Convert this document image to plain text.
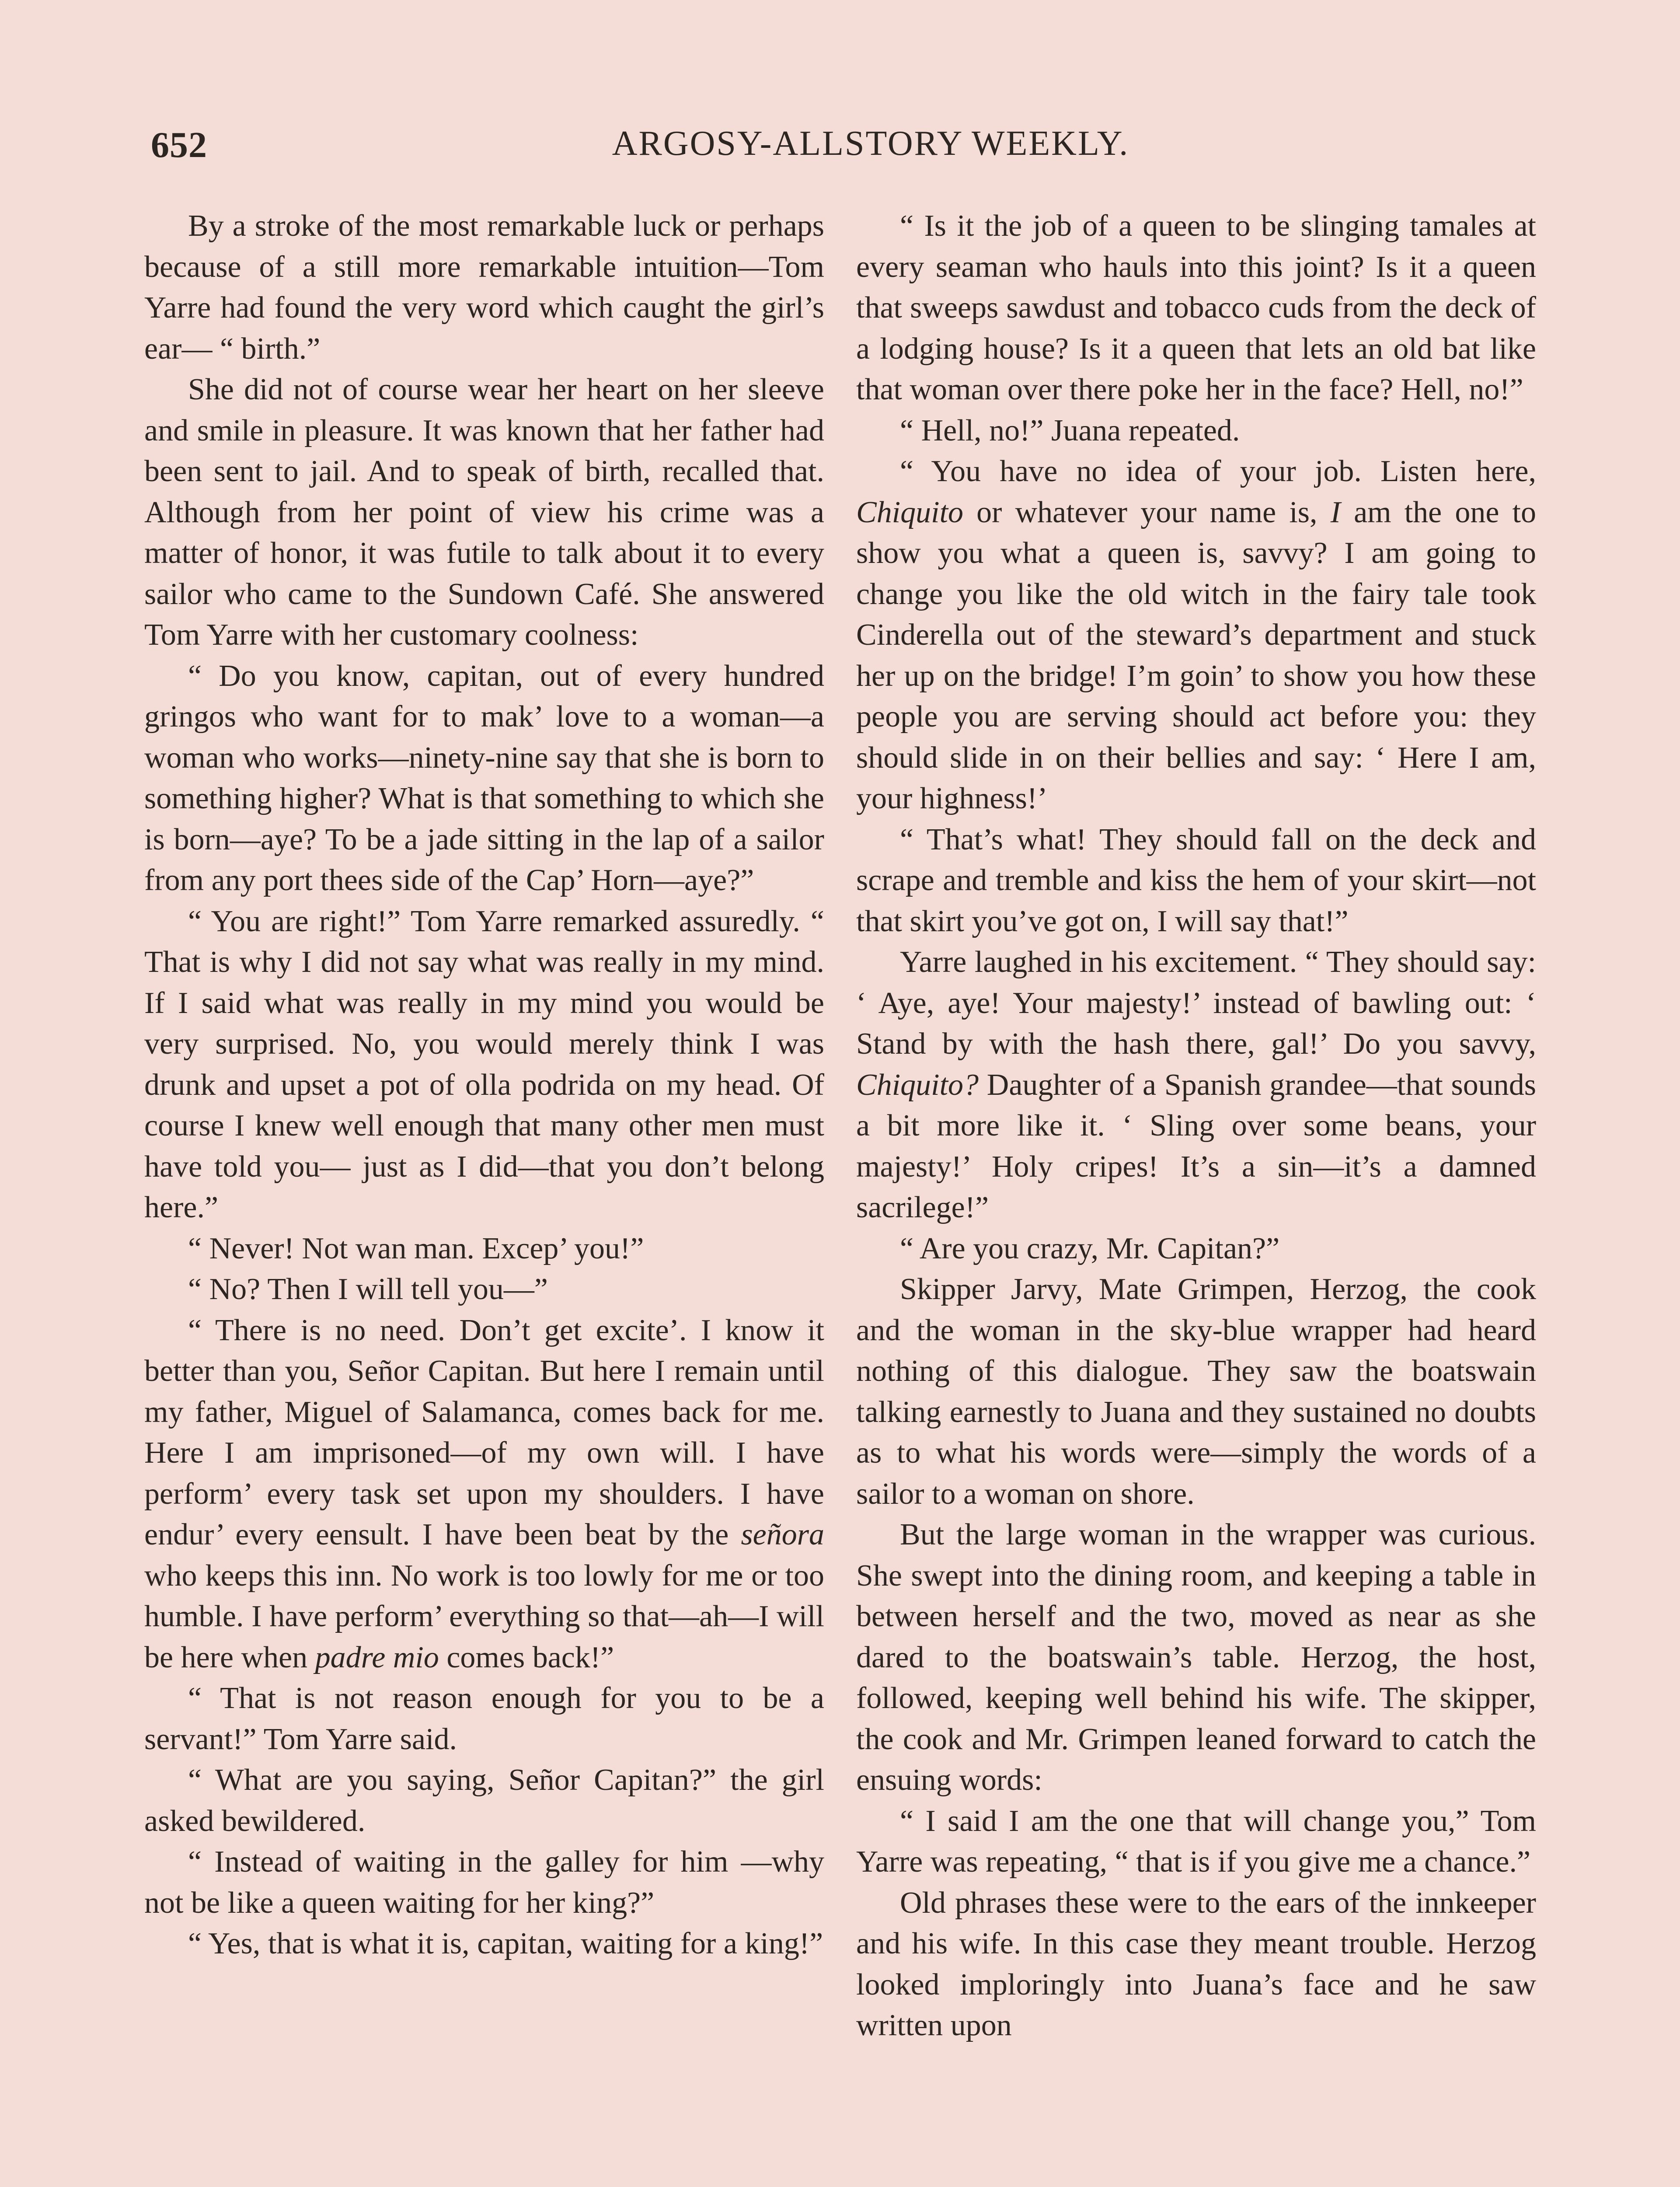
652	ARGOSY-ALLSTORY WEEKLY.

By a stroke of the most remarkable luck or perhaps because of a still more remarkable intuition—Tom Yarre had found the very word which caught the girl’s ear— “ birth.”

She did not of course wear her heart on her sleeve and smile in pleasure. It was known that her father had been sent to jail. And to speak of birth, recalled that. Although from her point of view his crime was a matter of honor, it was futile to talk about it to every sailor who came to the Sundown Café. She answered Tom Yarre with her customary coolness:

“ Do you know, capitan, out of every hundred gringos who want for to mak’ love to a woman—a woman who works—ninety-nine say that she is born to something higher? What is that something to which she is born—aye? To be a jade sitting in the lap of a sailor from any port thees side of the Cap’ Horn—aye?”

“ You are right!” Tom Yarre remarked assuredly. “ That is why I did not say what was really in my mind. If I said what was really in my mind you would be very surprised. No, you would merely think I was drunk and upset a pot of olla podrida on my head. Of course I knew well enough that many other men must have told you— just as I did—that you don’t belong here.”

“ Never! Not wan man. Excep’ you!”

“ No? Then I will tell you—”

“ There is no need. Don’t get excite’. I know it better than you, Señor Capitan. But here I remain until my father, Miguel of Salamanca, comes back for me. Here I am imprisoned—of my own will. I have perform’ every task set upon my shoulders. I have endur’ every eensult. I have been beat by the señora who keeps this inn. No work is too lowly for me or too humble. I have perform’ everything so that—ah—I will be here when padre mio comes back!”

“ That is not reason enough for you to be a servant!” Tom Yarre said.

“ What are you saying, Señor Capitan?” the girl asked bewildered.

“ Instead of waiting in the galley for him —why not be like a queen waiting for her king?”

“ Yes, that is what it is, capitan, waiting for a king!”

“ Is it the job of a queen to be slinging tamales at every seaman who hauls into this joint? Is it a queen that sweeps sawdust and tobacco cuds from the deck of a lodging house? Is it a queen that lets an old bat like that woman over there poke her in the face? Hell, no!”

“ Hell, no!” Juana repeated.

“ You have no idea of your job. Listen here, Chiquito or whatever your name is, I am the one to show you what a queen is, savvy? I am going to change you like the old witch in the fairy tale took Cinderella out of the steward’s department and stuck her up on the bridge! I’m goin’ to show you how these people you are serving should act before you: they should slide in on their bellies and say: ‘ Here I am, your highness!’

“ That’s what! They should fall on the deck and scrape and tremble and kiss the hem of your skirt—not that skirt you’ve got on, I will say that!”

Yarre laughed in his excitement. “ They should say: ‘ Aye, aye! Your majesty!’ instead of bawling out: ‘ Stand by with the hash there, gal!’ Do you savvy, Chiquito? Daughter of a Spanish grandee—that sounds a bit more like it. ‘ Sling over some beans, your majesty!’ Holy cripes! It’s a sin—it’s a damned sacrilege!”

“ Are you crazy, Mr. Capitan?”

Skipper Jarvy, Mate Grimpen, Herzog, the cook and the woman in the sky-blue wrapper had heard nothing of this dialogue. They saw the boatswain talking earnestly to Juana and they sustained no doubts as to what his words were—simply the words of a sailor to a woman on shore.

But the large woman in the wrapper was curious. She swept into the dining room, and keeping a table in between herself and the two, moved as near as she dared to the boatswain’s table. Herzog, the host, followed, keeping well behind his wife. The skipper, the cook and Mr. Grimpen leaned forward to catch the ensuing words:

“ I said I am the one that will change you,” Tom Yarre was repeating, “ that is if you give me a chance.”

Old phrases these were to the ears of the innkeeper and his wife. In this case they meant trouble. Herzog looked imploringly into Juana’s face and he saw written upon
